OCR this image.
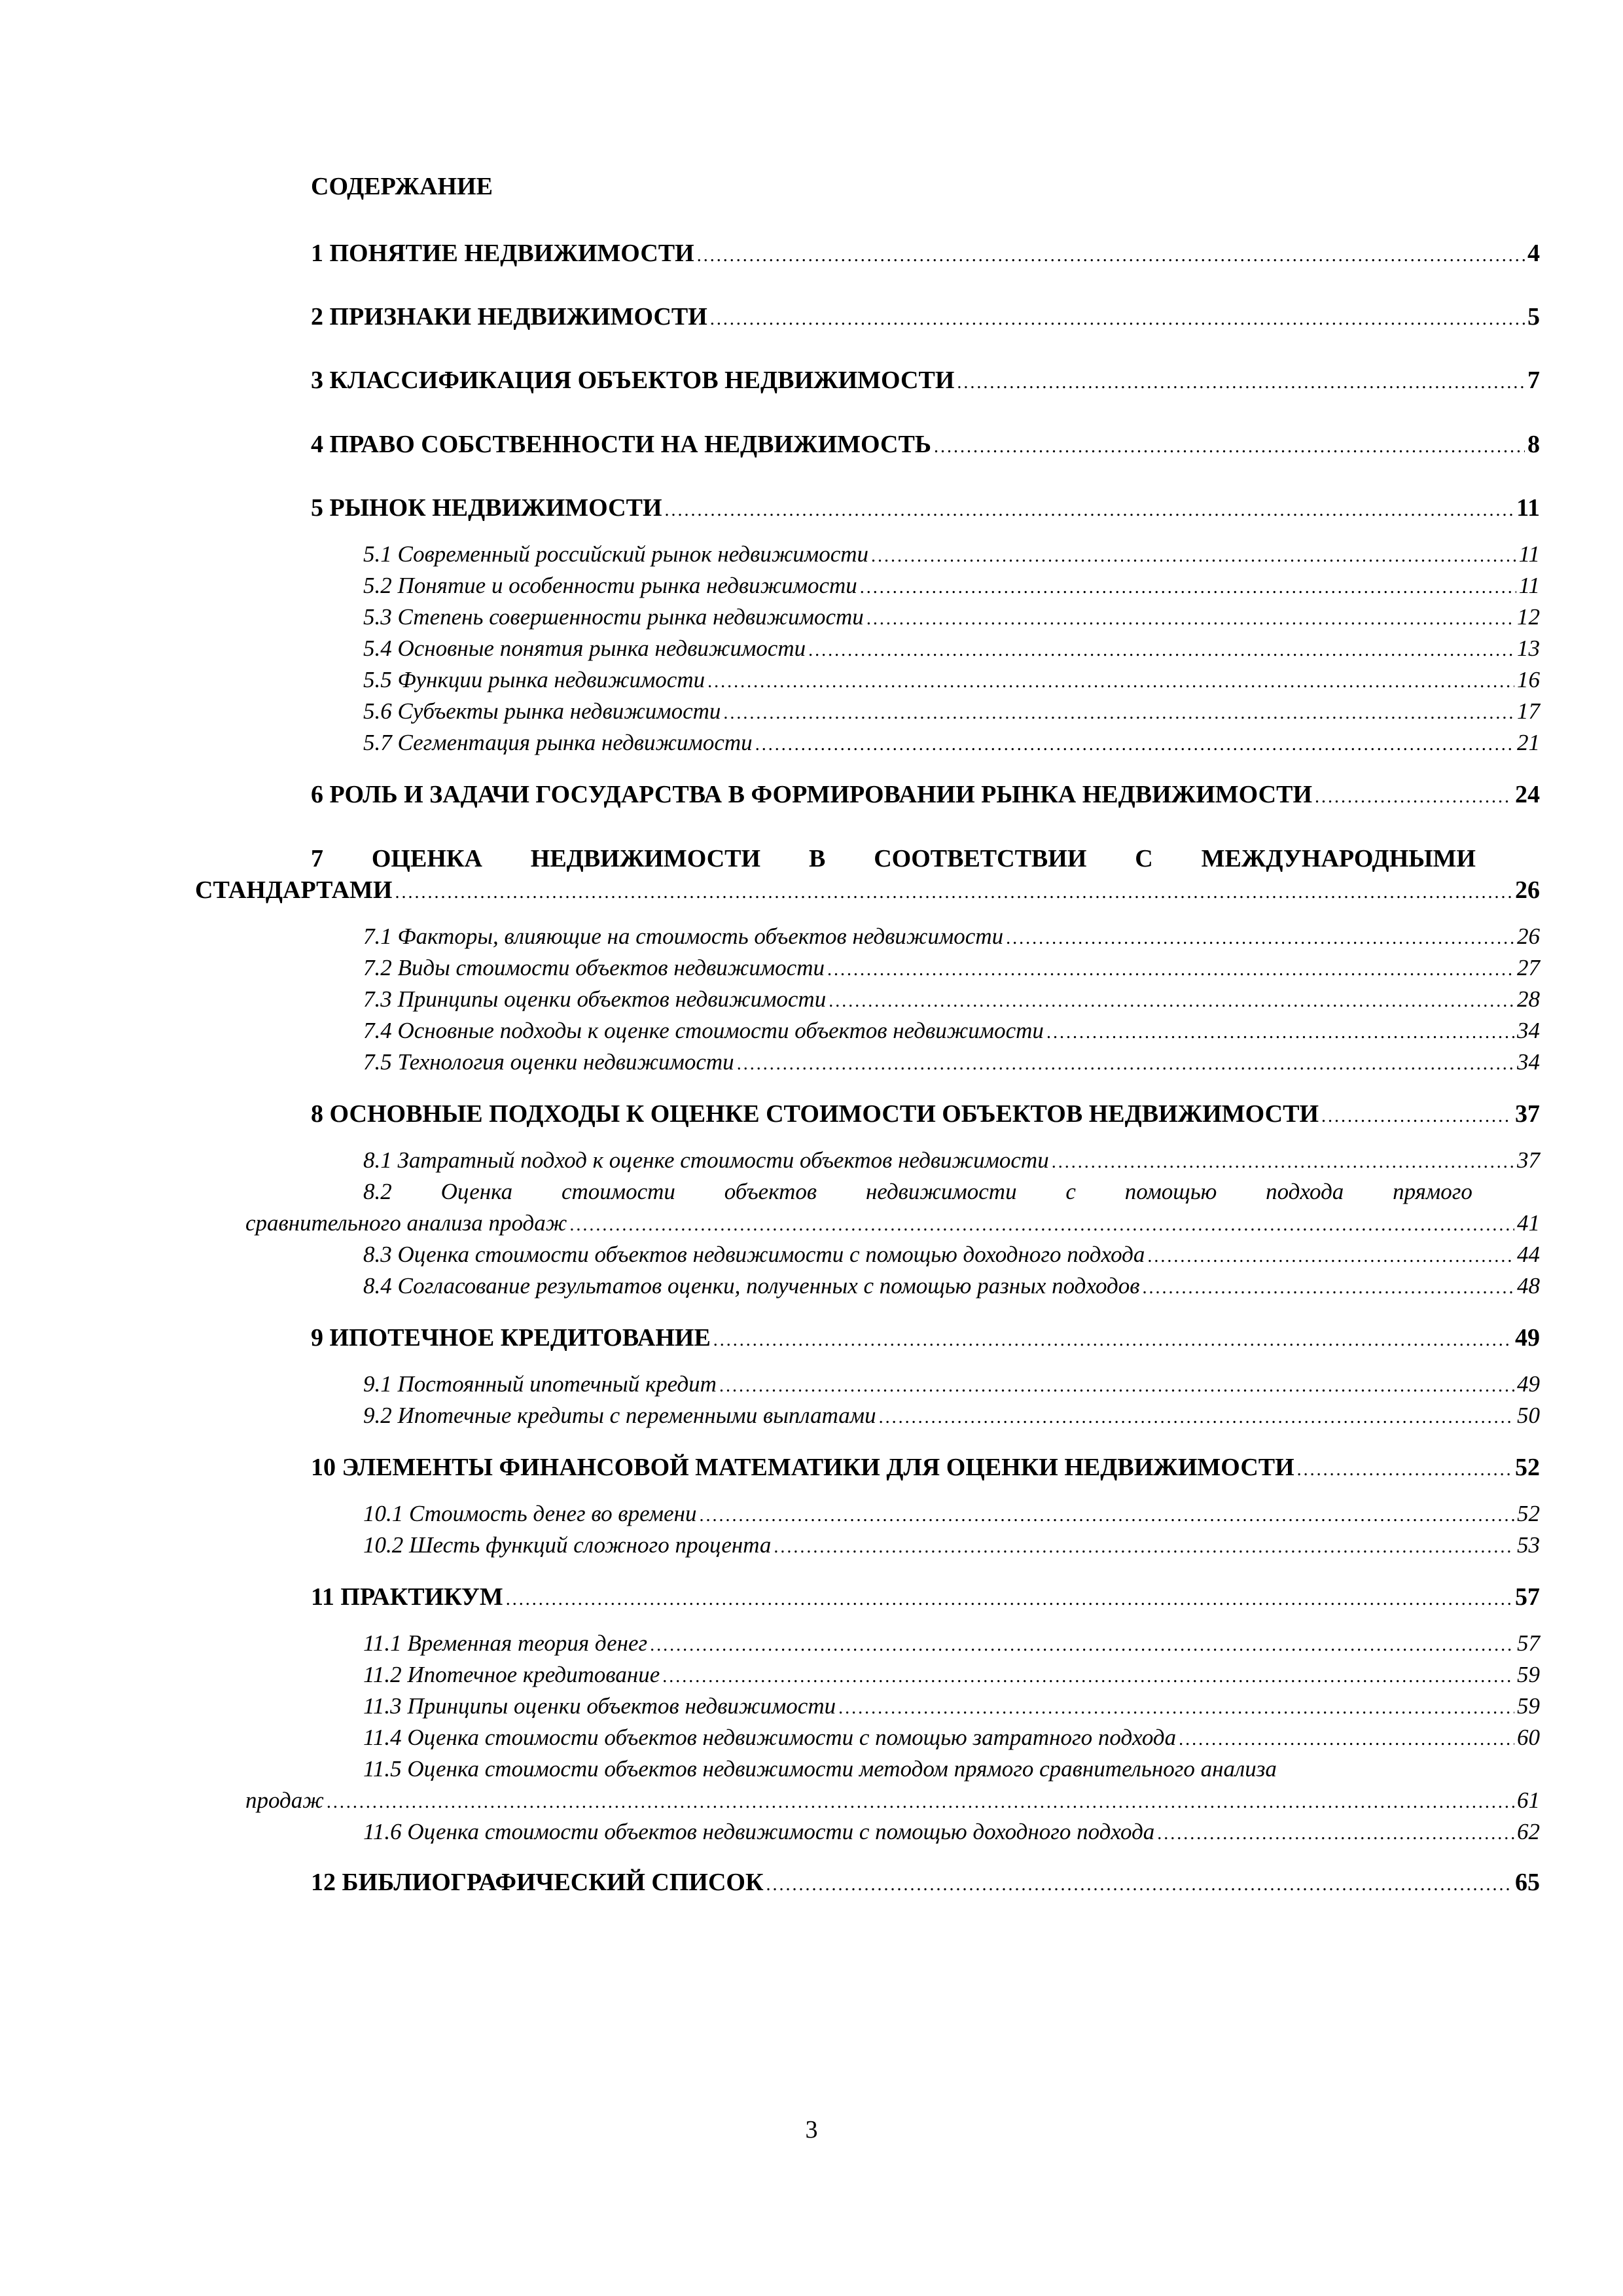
СОДЕРЖАНИЕ
1 ПОНЯТИЕ НЕДВИЖИМОСТИ . . .	4
2 ПРИЗНАКИ НЕДВИЖИМОСТИ . . .	5
3 КЛАССИФИКАЦИЯ ОБЪЕКТОВ НЕДВИЖИМОСТИ . . .	7
4 ПРАВО СОБСТВЕННОСТИ НА НЕДВИЖИМОСТЬ . . .	8
5 РЫНОК НЕДВИЖИМОСТИ . . .	11
5.1 Современный российский рынок недвижимости . . .	11
5.2 Понятие и особенности рынка недвижимости . . .	11
5.3 Степень совершенности рынка недвижимости . . .	12
5.4 Основные понятия рынка недвижимости . . .	13
5.5 Функции рынка недвижимости . . .	16
5.6 Субъекты рынка недвижимости . . .	17
5.7 Сегментация рынка недвижимости . . .	21
6 РОЛЬ И ЗАДАЧИ ГОСУДАРСТВА В ФОРМИРОВАНИИ РЫНКА НЕДВИЖИМОСТИ . . .	24
7 ОЦЕНКА НЕДВИЖИМОСТИ В СООТВЕТСТВИИ С МЕЖДУНАРОДНЫМИ
СТАНДАРТАМИ . . .	26
7.1 Факторы, влияющие на стоимость объектов недвижимости . . .	26
7.2 Виды стоимости объектов недвижимости . . .	27
7.3 Принципы оценки объектов недвижимости . . .	28
7.4 Основные подходы к оценке стоимости объектов недвижимости . . .	34
7.5 Технология оценки недвижимости . . .	34
8 ОСНОВНЫЕ ПОДХОДЫ К ОЦЕНКЕ СТОИМОСТИ ОБЪЕКТОВ НЕДВИЖИМОСТИ . . .	37
8.1 Затратный подход к оценке стоимости объектов недвижимости . . .	37
8.2 Оценка стоимости объектов недвижимости с помощью подхода прямого
сравнительного анализа продаж . . .	41
8.3 Оценка стоимости объектов недвижимости с помощью доходного подхода . . .	44
8.4 Согласование результатов оценки, полученных с помощью разных подходов . . .	48
9 ИПОТЕЧНОЕ КРЕДИТОВАНИЕ . . .	49
9.1 Постоянный ипотечный кредит . . .	49
9.2 Ипотечные кредиты с переменными выплатами . . .	50
10 ЭЛЕМЕНТЫ ФИНАНСОВОЙ МАТЕМАТИКИ ДЛЯ ОЦЕНКИ НЕДВИЖИМОСТИ . . .	52
10.1 Стоимость денег во времени . . .	52
10.2 Шесть функций сложного процента . . .	53
11 ПРАКТИКУМ . . .	57
11.1 Временная теория денег . . .	57
11.2 Ипотечное кредитование . . .	59
11.3 Принципы оценки объектов недвижимости . . .	59
11.4 Оценка стоимости объектов недвижимости с помощью затратного подхода . . .	60
11.5 Оценка стоимости объектов недвижимости методом прямого сравнительного анализа
продаж . . .	61
11.6 Оценка стоимости объектов недвижимости с помощью доходного подхода . . .	62
12 БИБЛИОГРАФИЧЕСКИЙ СПИСОК . . .	65
3
